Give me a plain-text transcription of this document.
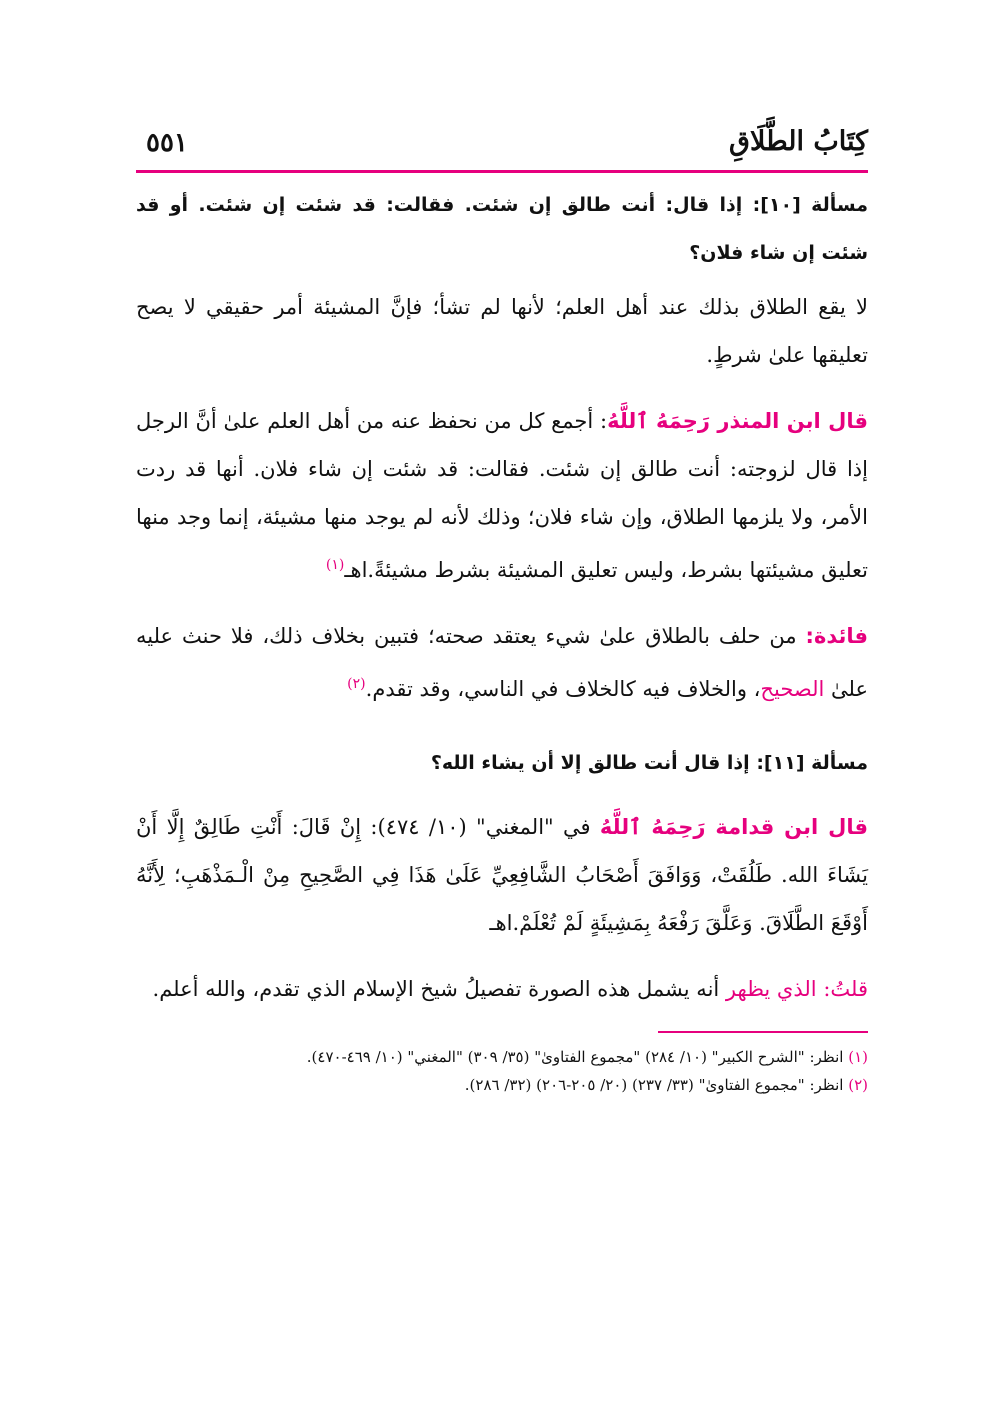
كِتَابُ الطَّلَاقِ
٥٥١

مسألة [١٠]: إذا قال: أنت طالق إن شئت. فقالت: قد شئت إن شئت. أو قد شئت إن شاء فلان؟

لا يقع الطلاق بذلك عند أهل العلم؛ لأنها لم تشأ؛ فإنَّ المشيئة أمر حقيقي لا يصح تعليقها علىٰ شرطٍ.

قال ابن المنذر رَحِمَهُ ٱللَّهُ: أجمع كل من نحفظ عنه من أهل العلم علىٰ أنَّ الرجل إذا قال لزوجته: أنت طالق إن شئت. فقالت: قد شئت إن شاء فلان. أنها قد ردت الأمر، ولا يلزمها الطلاق، وإن شاء فلان؛ وذلك لأنه لم يوجد منها مشيئة، إنما وجد منها تعليق مشيئتها بشرط، وليس تعليق المشيئة بشرط مشيئةً.اهـ$^{(١)}$

فائدة: من حلف بالطلاق علىٰ شيء يعتقد صحته؛ فتبين بخلاف ذلك، فلا حنث عليه علىٰ الصحيح، والخلاف فيه كالخلاف في الناسي، وقد تقدم.$^{(٢)}$

مسألة [١١]: إذا قال أنت طالق إلا أن يشاء الله؟

قال ابن قدامة رَحِمَهُ ٱللَّهُ في "المغني" (١٠/ ٤٧٤): إِنْ قَالَ: أَنْتِ طَالِقٌ إِلَّا أَنْ يَشَاءَ الله. طَلُقَتْ، وَوَافَقَ أَصْحَابُ الشَّافِعِيِّ عَلَىٰ هَذَا فِي الصَّحِيحِ مِنْ الْـمَذْهَبِ؛ لِأَنَّهُ أَوْقَعَ الطَّلَاقَ. وَعَلَّقَ رَفْعَهُ بِمَشِيئَةٍ لَمْ تُعْلَمْ.اهـ

قلتُ: الذي يظهر أنه يشمل هذه الصورة تفصيلُ شيخ الإسلام الذي تقدم، والله أعلم.

(١) انظر: "الشرح الكبير" (١٠/ ٢٨٤) "مجموع الفتاوىٰ" (٣٥/ ٣٠٩) "المغني" (١٠/ ٤٦٩-٤٧٠).
(٢) انظر: "مجموع الفتاوىٰ" (٣٣/ ٢٣٧) (٢٠/ ٢٠٥-٢٠٦) (٣٢/ ٢٨٦).
